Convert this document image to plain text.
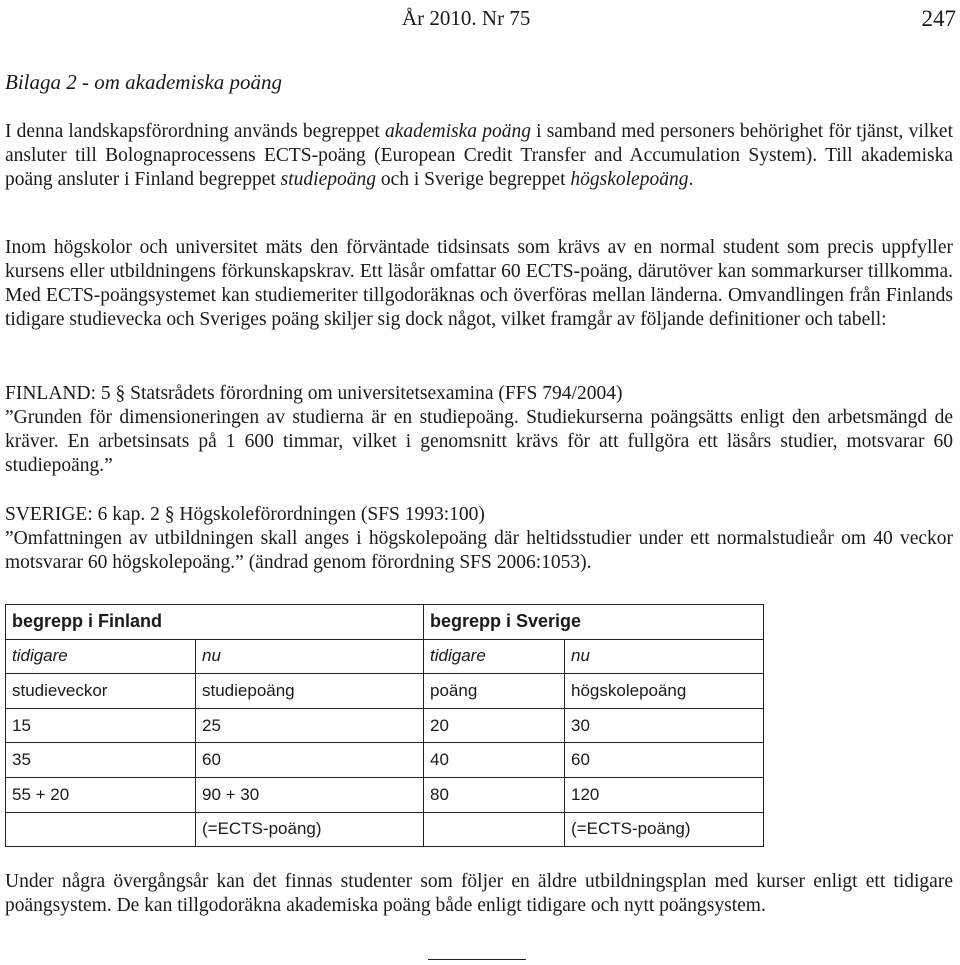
År 2010. Nr 75	247
Bilaga 2 - om akademiska poäng

I denna landskapsförordning används begreppet akademiska poäng i samband med personers behörighet för tjänst, vilket ansluter till Bolognaprocessens ECTS-poäng (European Credit Transfer and Accumulation System). Till akademiska poäng ansluter i Finland begreppet studiepoäng och i Sverige begreppet högskolepoäng.

Inom högskolor och universitet mäts den förväntade tidsinsats som krävs av en normal student som precis uppfyller kursens eller utbildningens förkunskapskrav. Ett läsår omfattar 60 ECTS-poäng, därutöver kan sommarkurser tillkomma. Med ECTS-poängsystemet kan studiemeriter tillgodoräknas och överföras mellan länderna. Omvandlingen från Finlands tidigare studievecka och Sveriges poäng skiljer sig dock något, vilket framgår av följande definitioner och tabell:

FINLAND: 5 § Statsrådets förordning om universitetsexamina (FFS 794/2004)

”Grunden för dimensioneringen av studierna är en studiepoäng. Studiekurserna poängsätts enligt den arbetsmängd de kräver. En arbetsinsats på 1 600 timmar, vilket i genomsnitt krävs för att fullgöra ett läsårs studier, motsvarar 60 studiepoäng.”

SVERIGE: 6 kap. 2 § Högskoleförordningen (SFS 1993:100)

”Omfattningen av utbildningen skall anges i högskolepoäng där heltidsstudier under ett normalstudieår om 40 veckor motsvarar 60 högskolepoäng.” (ändrad genom förordning SFS 2006:1053).

begrepp i Finland		begrepp i Sverige	
tidigare	nu	tidigare	nu
studieveckor	studiepoäng	poäng	högskolepoäng
15	25	20	30
35	60	40	60
55 + 20	90 + 30	80	120
	(=ECTS-poäng)		(=ECTS-poäng)

Under några övergångsår kan det finnas studenter som följer en äldre utbildningsplan med kurser enligt ett tidigare poängsystem. De kan tillgodoräkna akademiska poäng både enligt tidigare och nytt poängsystem.
